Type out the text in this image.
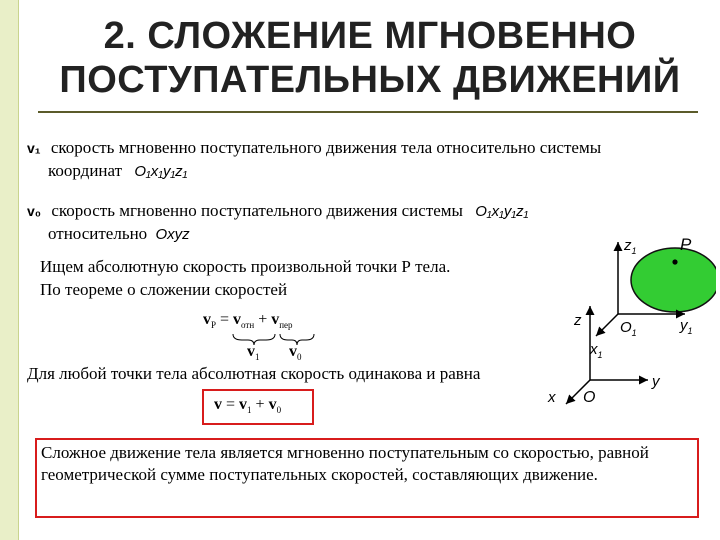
2. СЛОЖЕНИЕ МГНОВЕННО
ПОСТУПАТЕЛЬНЫХ ДВИЖЕНИЙ
v₁ скорость мгновенно поступательного движения тела относительно системы
координат O₁x₁y₁z₁
v₀ скорость мгновенно поступательного движения системы O₁x₁y₁z₁
относительно Oxyz
Ищем абсолютную скорость произвольной точки Р тела.
По теореме о сложении скоростей
$v_P = v_{отн} + v_{пер}$
$v_1$ $v_0$
Для любой точки тела абсолютная скорость одинакова и равна
$v = v_1 + v_0$
Сложное движение тела является мгновенно поступательным со скоростью, равной геометрической сумме поступательных скоростей, составляющих движение.
$z_1$	P
z	$O_1$	$y_1$
$x_1$
y
O
x
